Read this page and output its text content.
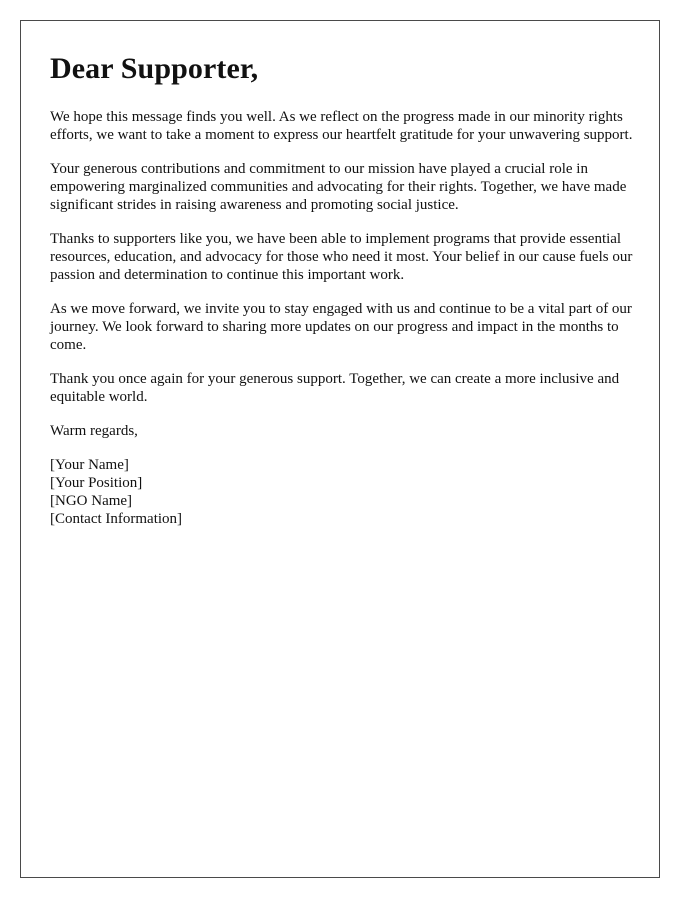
Dear Supporter,

We hope this message finds you well. As we reflect on the progress made in our minority rights efforts, we want to take a moment to express our heartfelt gratitude for your unwavering support.

Your generous contributions and commitment to our mission have played a crucial role in empowering marginalized communities and advocating for their rights. Together, we have made significant strides in raising awareness and promoting social justice.

Thanks to supporters like you, we have been able to implement programs that provide essential resources, education, and advocacy for those who need it most. Your belief in our cause fuels our passion and determination to continue this important work.

As we move forward, we invite you to stay engaged with us and continue to be a vital part of our journey. We look forward to sharing more updates on our progress and impact in the months to come.

Thank you once again for your generous support. Together, we can create a more inclusive and equitable world.

Warm regards,

[Your Name]
[Your Position]
[NGO Name]
[Contact Information]
